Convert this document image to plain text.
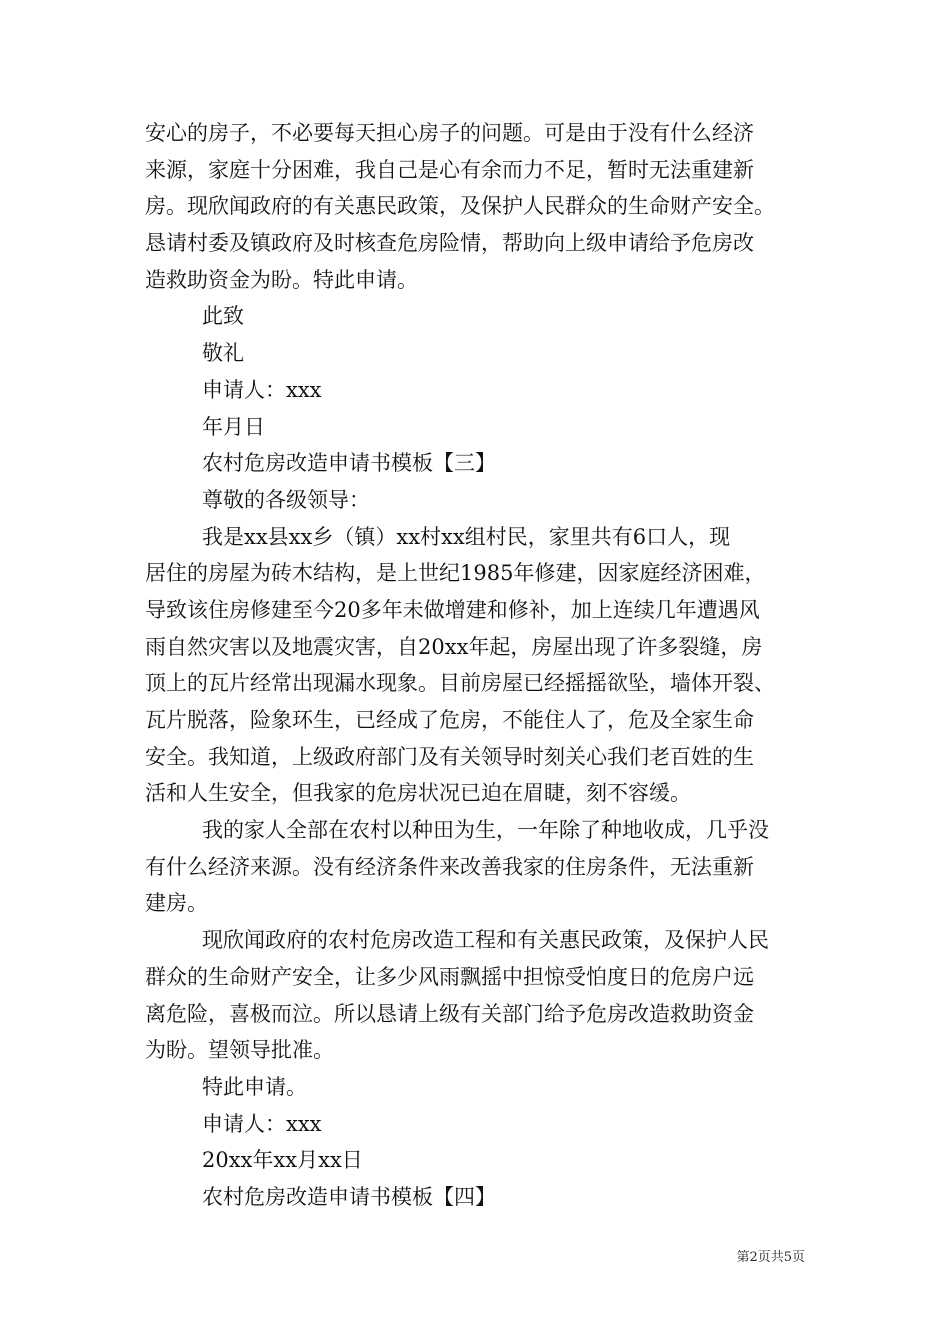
安心的房子，不必要每天担心房子的问题。可是由于没有什么经济
来源，家庭十分困难，我自己是心有余而力不足，暂时无法重建新
房。现欣闻政府的有关惠民政策，及保护人民群众的生命财产安全。
恳请村委及镇政府及时核查危房险情，帮助向上级申请给予危房改
造救助资金为盼。特此申请。
此致
敬礼
申请人：xxx
年月日
农村危房改造申请书模板【三】
尊敬的各级领导：
我是xx县xx乡（镇）xx村xx组村民，家里共有6口人，现
居住的房屋为砖木结构，是上世纪1985年修建，因家庭经济困难，
导致该住房修建至今20多年未做增建和修补，加上连续几年遭遇风
雨自然灾害以及地震灾害，自20xx年起，房屋出现了许多裂缝，房
顶上的瓦片经常出现漏水现象。目前房屋已经摇摇欲坠，墙体开裂、
瓦片脱落，险象环生，已经成了危房，不能住人了，危及全家生命
安全。我知道，上级政府部门及有关领导时刻关心我们老百姓的生
活和人生安全，但我家的危房状况已迫在眉睫，刻不容缓。
我的家人全部在农村以种田为生，一年除了种地收成，几乎没
有什么经济来源。没有经济条件来改善我家的住房条件，无法重新
建房。
现欣闻政府的农村危房改造工程和有关惠民政策，及保护人民
群众的生命财产安全，让多少风雨飘摇中担惊受怕度日的危房户远
离危险，喜极而泣。所以恳请上级有关部门给予危房改造救助资金
为盼。望领导批准。
特此申请。
申请人：xxx
20xx年xx月xx日
农村危房改造申请书模板【四】
第2页共5页
